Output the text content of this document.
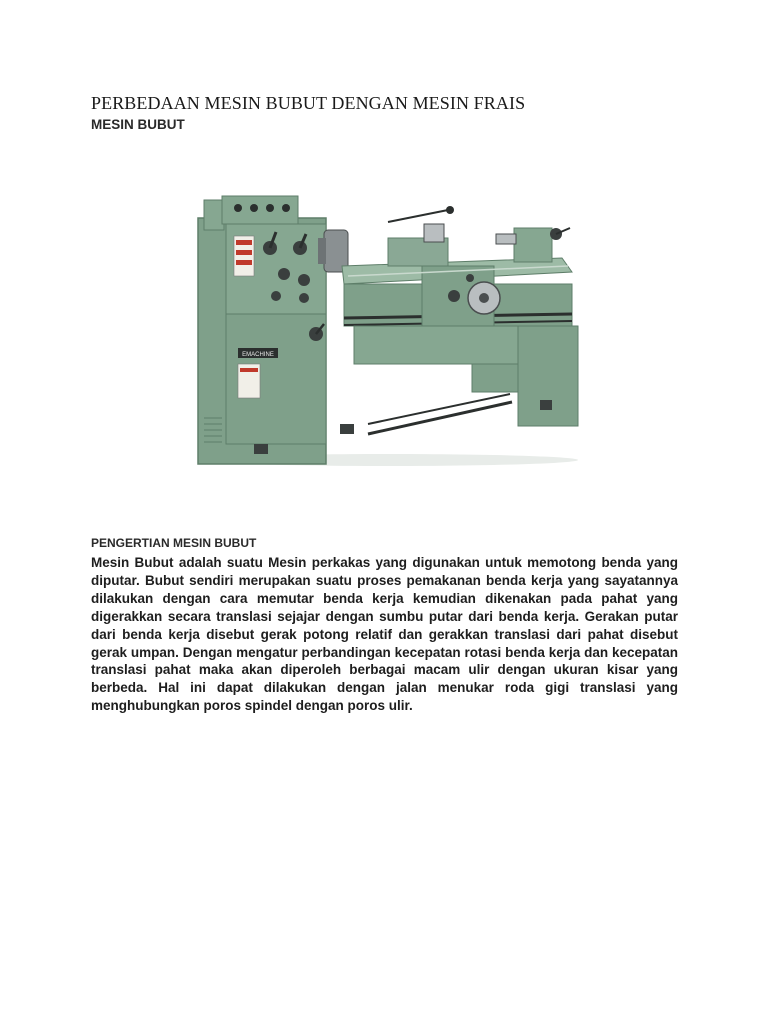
PERBEDAAN MESIN BUBUT DENGAN MESIN FRAIS
MESIN BUBUT
EMACHINE
PENGERTIAN MESIN BUBUT

Mesin Bubut adalah suatu Mesin perkakas yang digunakan untuk memotong benda yang diputar. Bubut sendiri merupakan suatu proses pemakanan benda kerja yang sayatannya dilakukan dengan cara memutar benda kerja kemudian dikenakan pada pahat yang digerakkan secara translasi sejajar dengan sumbu putar dari benda kerja. Gerakan putar dari benda kerja disebut gerak potong relatif dan gerakkan translasi dari pahat disebut gerak umpan. Dengan mengatur perbandingan kecepatan rotasi benda kerja dan kecepatan translasi pahat maka akan diperoleh berbagai macam ulir dengan ukuran kisar yang berbeda. Hal ini dapat dilakukan dengan jalan menukar roda gigi translasi yang menghubungkan poros spindel dengan poros ulir.
